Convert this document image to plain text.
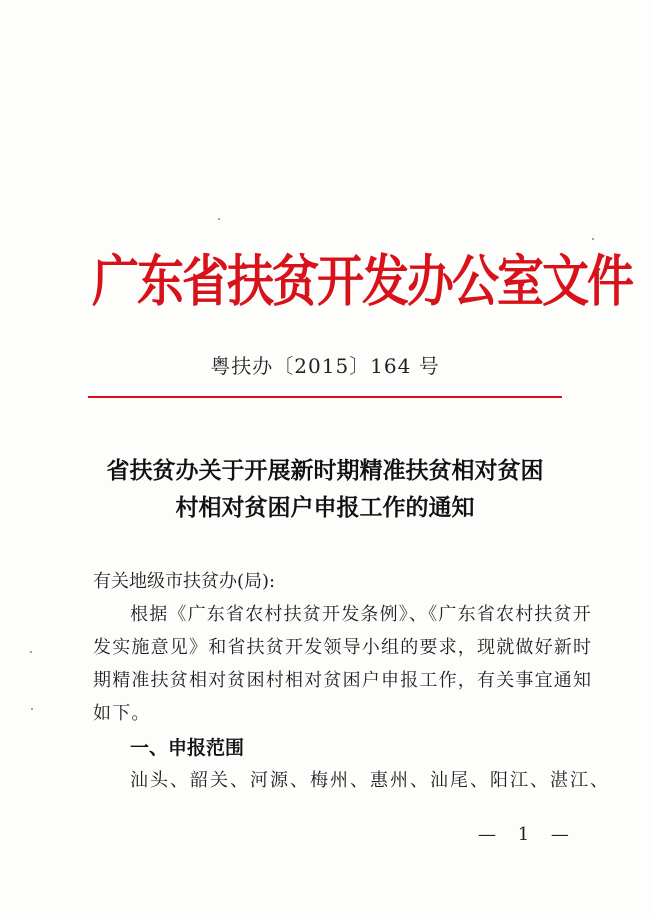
广东省扶贫开发办公室文件
粤扶办〔2015〕164 号
省扶贫办关于开展新时期精准扶贫相对贫困
村相对贫困户申报工作的通知
有关地级市扶贫办(局):
根据《广东省农村扶贫开发条例》、《广东省农村扶贫开
发实施意见》和省扶贫开发领导小组的要求，现就做好新时
期精准扶贫相对贫困村相对贫困户申报工作，有关事宜通知
如下。
一、申报范围
汕头、韶关、河源、梅州、惠州、汕尾、阳江、湛江、
— 1 —
